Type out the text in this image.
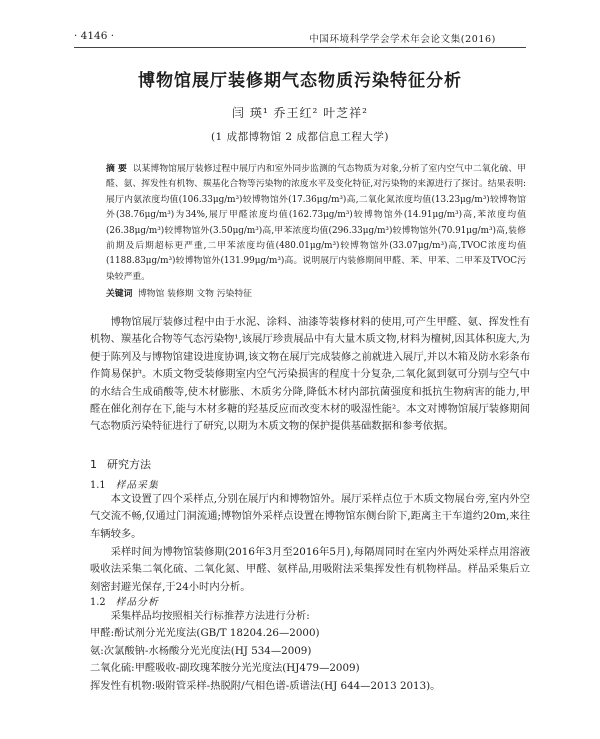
· 4146 ·	中国环境科学学会学术年会论文集(2016)
博物馆展厅装修期气态物质污染特征分析
闫 瑛¹ 乔王红² 叶芝祥²
(1 成都博物馆 2 成都信息工程大学)
摘 要 以某博物馆展厅装修过程中展厅内和室外同步监测的气态物质为对象,分析了室内空气中二氧化硫、甲醛、氨、挥发性有机物、羰基化合物等污染物的浓度水平及变化特征,对污染物的来源进行了探讨。结果表明:展厅内氨浓度均值(106.33μg/m³)较博物馆外(17.36μg/m³)高,二氧化氮浓度均值(13.23μg/m³)较博物馆外(38.76μg/m³)为34%,展厅甲醛浓度均值(162.73μg/m³)较博物馆外(14.91μg/m³)高,苯浓度均值(26.38μg/m³)较博物馆外(3.50μg/m³)高,甲苯浓度均值(296.33μg/m³)较博物馆外(70.91μg/m³)高,装修前期及后期超标更严重,二甲苯浓度均值(480.01μg/m³)较博物馆外(33.07μg/m³)高,TVOC浓度均值(1188.83μg/m³)较博物馆外(131.99μg/m³)高。说明展厅内装修期间甲醛、苯、甲苯、二甲苯及TVOC污染较严重。
关键词 博物馆 装修期 文物 污染特征
博物馆展厅装修过程中由于水泥、涂料、油漆等装修材料的使用,可产生甲醛、氨、挥发性有机物、羰基化合物等气态污染物¹,该展厅珍贵展品中有大量木质文物,材料为檀树,因其体积庞大,为便于陈列及与博物馆建设进度协调,该文物在展厅完成装修之前就进入展厅,并以木箱及防水彩条布作简易保护。木质文物受装修期室内空气污染损害的程度十分复杂,二氧化氮到氨可分别与空气中的水结合生成硝酸等,使木材膨胀、木质劣分降,降低木材内部抗菌强度和抵抗生物病害的能力,甲醛在催化剂存在下,能与木材多糖的羟基反应而改变木材的吸湿性能²。本文对博物馆展厅装修期间气态物质污染特征进行了研究,以期为木质文物的保护提供基础数据和参考依据。
1 研究方法
1.1 样品采集
本文设置了四个采样点,分别在展厅内和博物馆外。展厅采样点位于木质文物展台旁,室内外空气交流不畅,仅通过门洞流通;博物馆外采样点设置在博物馆东侧台阶下,距离主干车道约20m,来往车辆较多。
采样时间为博物馆装修期(2016年3月至2016年5月),每隔周同时在室内外两处采样点用溶液吸收法采集二氧化硫、二氧化氮、甲醛、氨样品,用吸附法采集挥发性有机物样品。样品采集后立刻密封避光保存,于24小时内分析。
1.2 样品分析
采集样品均按照相关行标推荐方法进行分析:
甲醛:酚试剂分光光度法(GB/T 18204.26—2000)
氨:次氯酸钠-水杨酸分光光度法(HJ 534—2009)
二氧化硫:甲醛吸收-副玫瑰苯胺分光光度法(HJ479—2009)
挥发性有机物:吸附管采样-热脱附/气相色谱-质谱法(HJ 644—2013 2013)。
